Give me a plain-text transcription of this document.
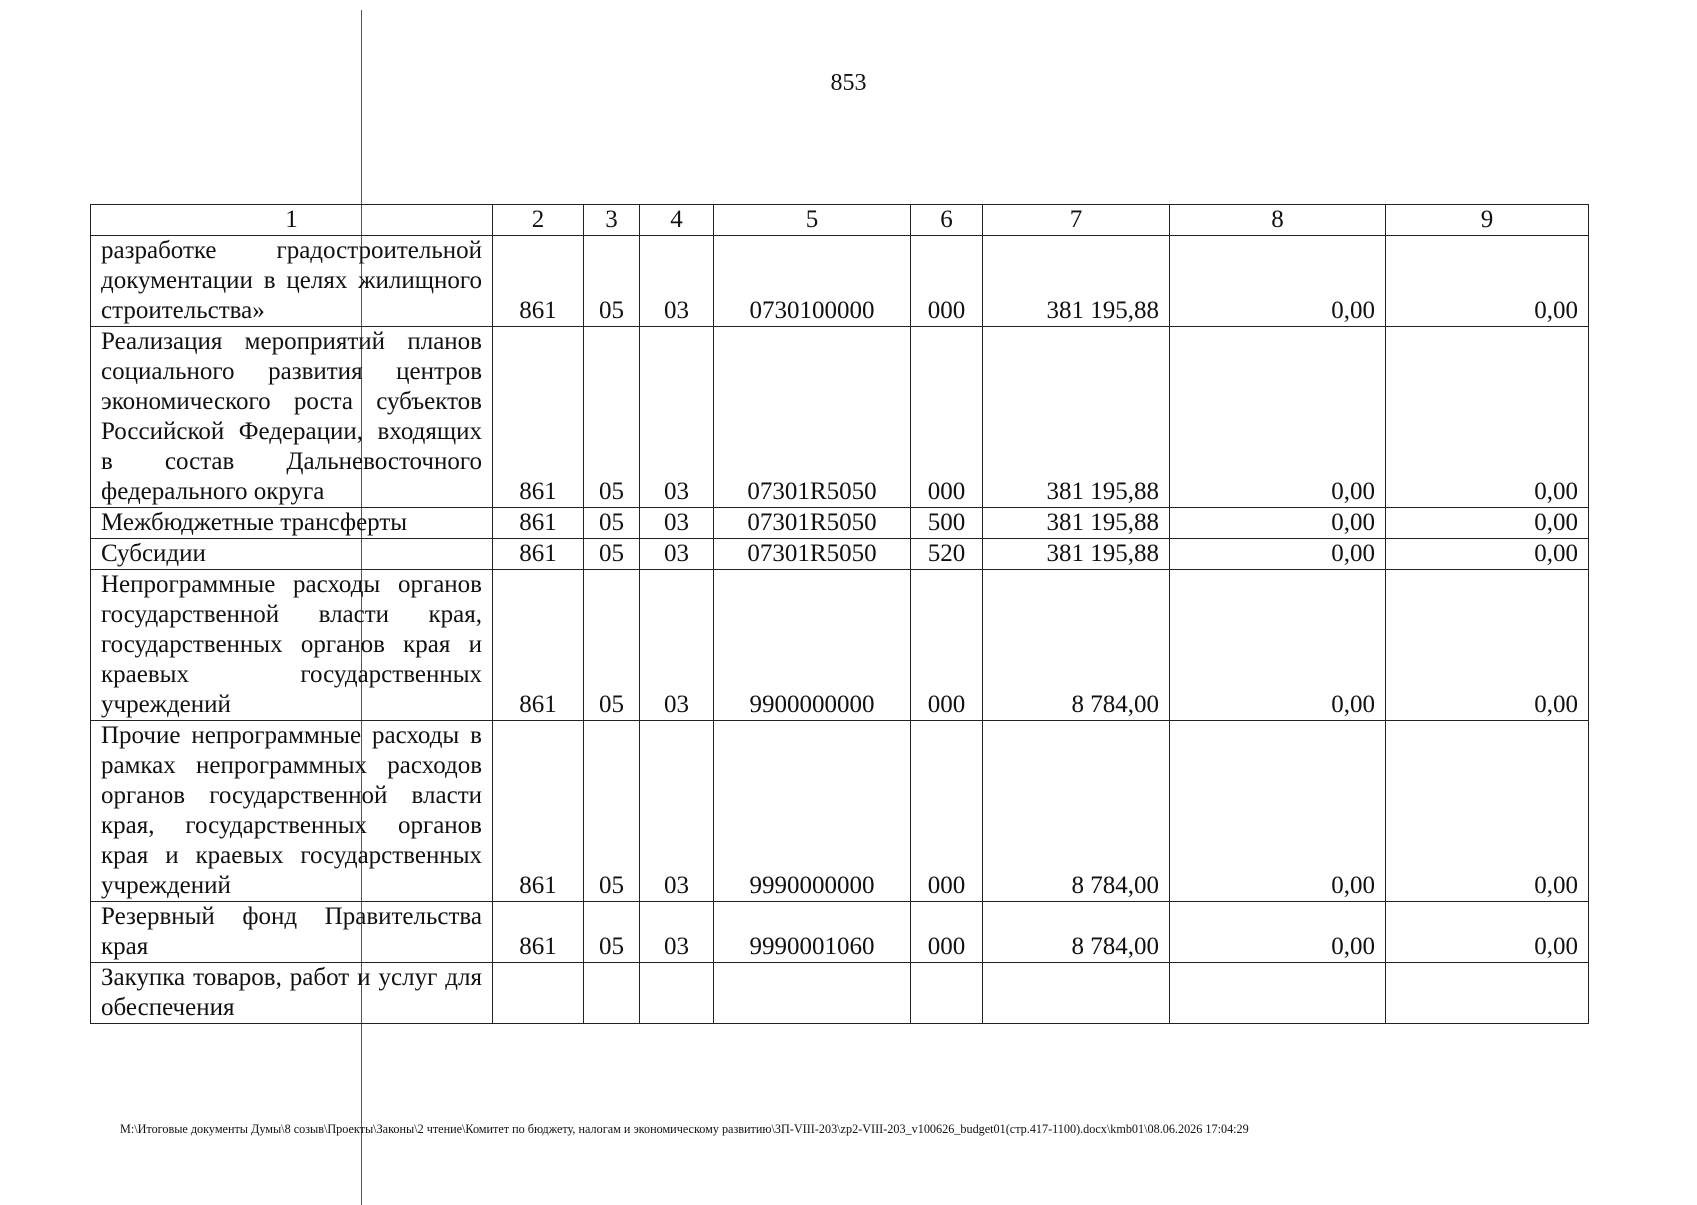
853
1	2	3	4	5	6	7	8	9
разработке градостроительной документации в целях жилищного строительства»	861	05	03	0730100000	000	381 195,88	0,00	0,00
Реализация мероприятий планов социального развития центров экономического роста субъектов Российской Федерации, входящих в состав Дальневосточного федерального округа	861	05	03	07301R5050	000	381 195,88	0,00	0,00
Межбюджетные трансферты	861	05	03	07301R5050	500	381 195,88	0,00	0,00
Субсидии	861	05	03	07301R5050	520	381 195,88	0,00	0,00
Непрограммные расходы органов государственной власти края, государственных органов края и краевых государственных учреждений	861	05	03	9900000000	000	8 784,00	0,00	0,00
Прочие непрограммные расходы в рамках непрограммных расходов органов государственной власти края, государственных органов края и краевых государственных учреждений	861	05	03	9990000000	000	8 784,00	0,00	0,00
Резервный фонд Правительства края	861	05	03	9990001060	000	8 784,00	0,00	0,00
Закупка товаров, работ и услуг для обеспечения								
M:\Итоговые документы Думы\8 созыв\Проекты\Законы\2 чтение\Комитет по бюджету, налогам и экономическому развитию\ЗП-VIII-203\zp2-VIII-203_v100626_budget01(стр.417-1100).docx\kmb01\08.06.2026 17:04:29
